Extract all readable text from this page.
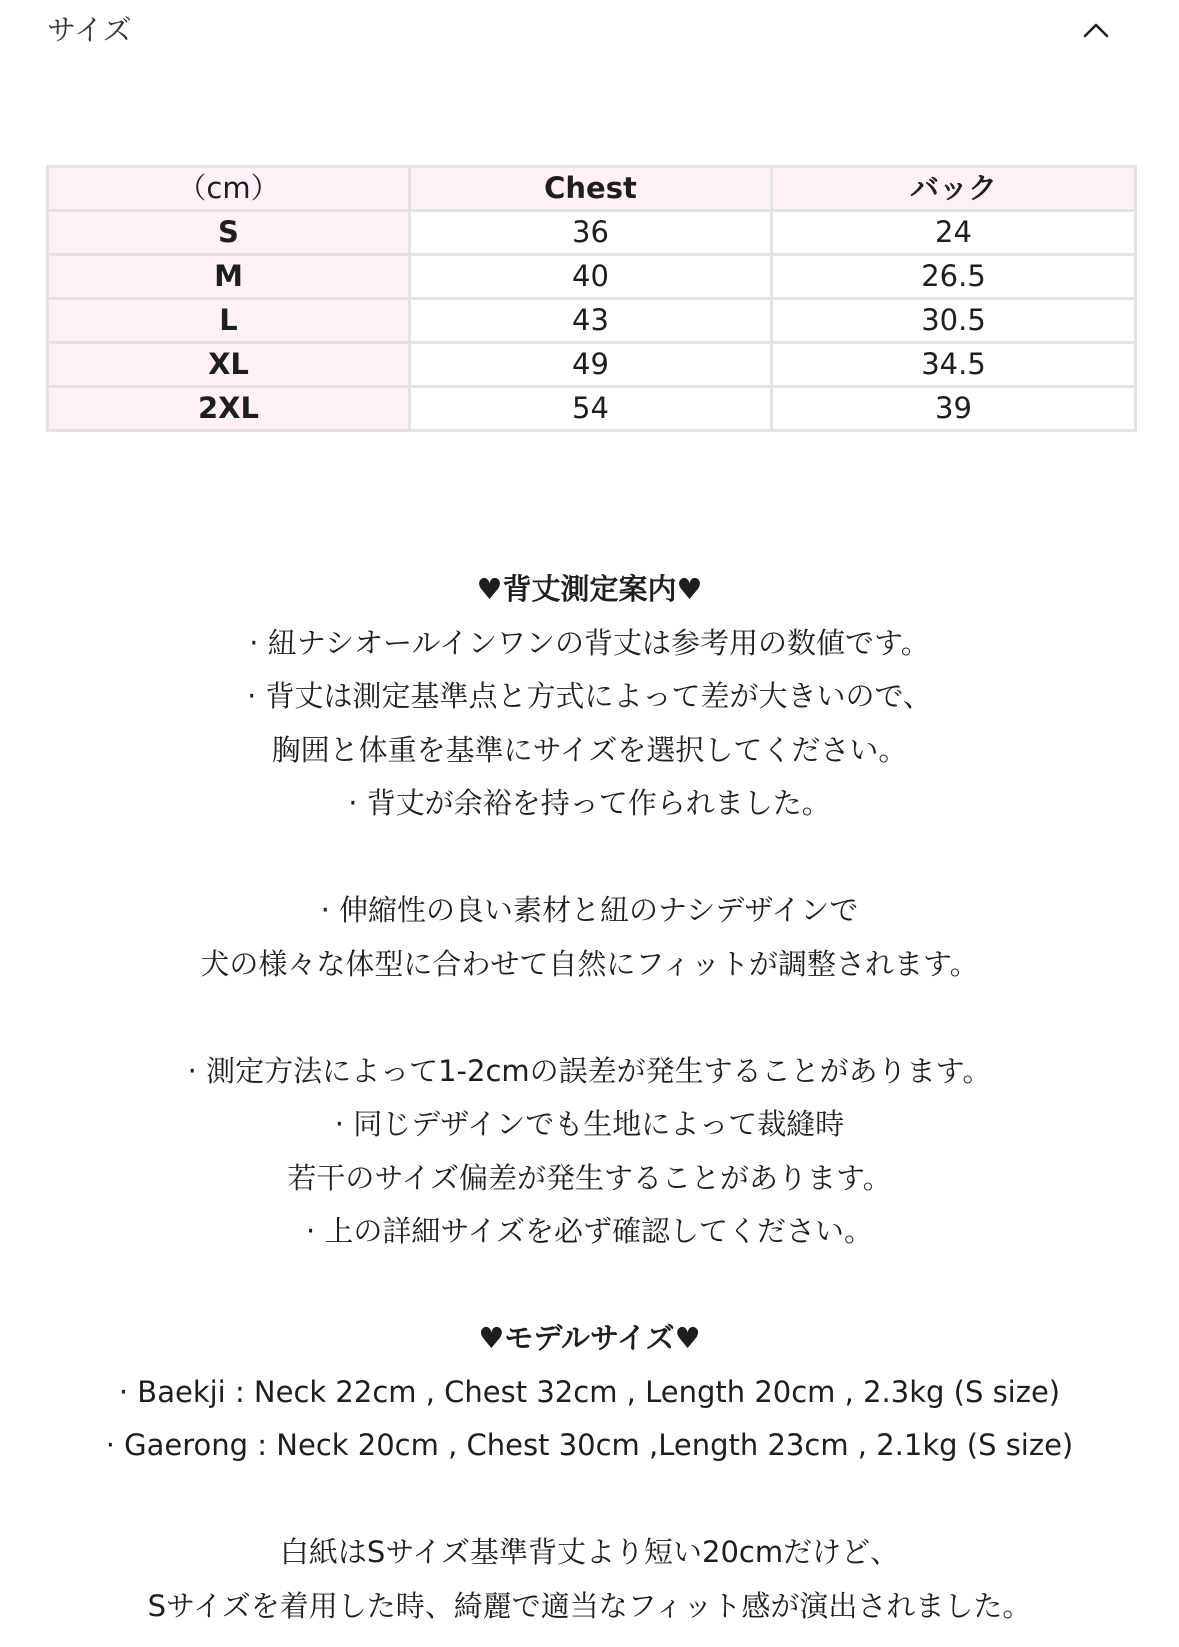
サイズ
（cm）	Chest	バック
S	36	24
M	40	26.5
L	43	30.5
XL	49	34.5
2XL	54	39
♥背丈測定案内♥
· 紐ナシオールインワンの背丈は参考用の数値です。
· 背丈は測定基準点と方式によって差が大きいので、
胸囲と体重を基準にサイズを選択してください。
· 背丈が余裕を持って作られました。
· 伸縮性の良い素材と紐のナシデザインで
犬の様々な体型に合わせて自然にフィットが調整されます。
· 測定方法によって1-2cmの誤差が発生することがあります。
· 同じデザインでも生地によって裁縫時
若干のサイズ偏差が発生することがあります。
· 上の詳細サイズを必ず確認してください。
♥モデルサイズ♥
· Baekji : Neck 22cm , Chest 32cm , Length 20cm , 2.3kg (S size)
· Gaerong : Neck 20cm , Chest 30cm ,Length 23cm , 2.1kg (S size)
白紙はSサイズ基準背丈より短い20cmだけど、
Sサイズを着用した時、綺麗で適当なフィット感が演出されました。
